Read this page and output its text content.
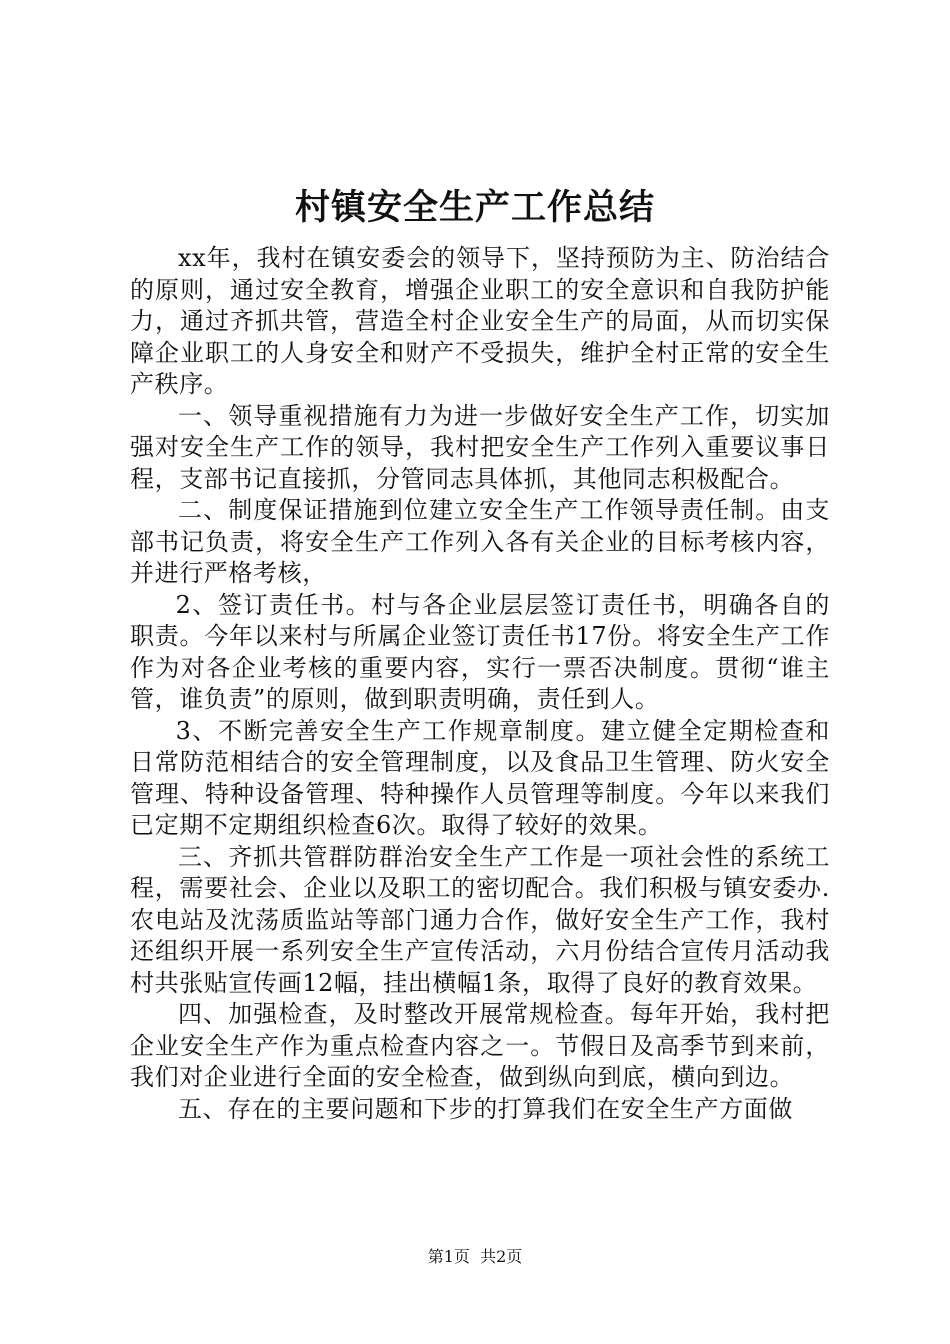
村镇安全生产工作总结

xx年，我村在镇安委会的领导下，坚持预防为主、防治结合的原则，通过安全教育，增强企业职工的安全意识和自我防护能力，通过齐抓共管，营造全村企业安全生产的局面，从而切实保障企业职工的人身安全和财产不受损失，维护全村正常的安全生产秩序。

一、领导重视措施有力为进一步做好安全生产工作，切实加强对安全生产工作的领导，我村把安全生产工作列入重要议事日程，支部书记直接抓，分管同志具体抓，其他同志积极配合。

二、制度保证措施到位建立安全生产工作领导责任制。由支部书记负责，将安全生产工作列入各有关企业的目标考核内容，并进行严格考核，

2、签订责任书。村与各企业层层签订责任书，明确各自的职责。今年以来村与所属企业签订责任书17份。将安全生产工作作为对各企业考核的重要内容，实行一票否决制度。贯彻“谁主管，谁负责”的原则，做到职责明确，责任到人。

3、不断完善安全生产工作规章制度。建立健全定期检查和日常防范相结合的安全管理制度，以及食品卫生管理、防火安全管理、特种设备管理、特种操作人员管理等制度。今年以来我们已定期不定期组织检查6次。取得了较好的效果。

三、齐抓共管群防群治安全生产工作是一项社会性的系统工程，需要社会、企业以及职工的密切配合。我们积极与镇安委办.农电站及沈荡质监站等部门通力合作，做好安全生产工作，我村还组织开展一系列安全生产宣传活动，六月份结合宣传月活动我村共张贴宣传画12幅，挂出横幅1条，取得了良好的教育效果。

四、加强检查，及时整改开展常规检查。每年开始，我村把企业安全生产作为重点检查内容之一。节假日及高季节到来前，我们对企业进行全面的安全检查，做到纵向到底，横向到边。

五、存在的主要问题和下步的打算我们在安全生产方面做

第1页 共2页
